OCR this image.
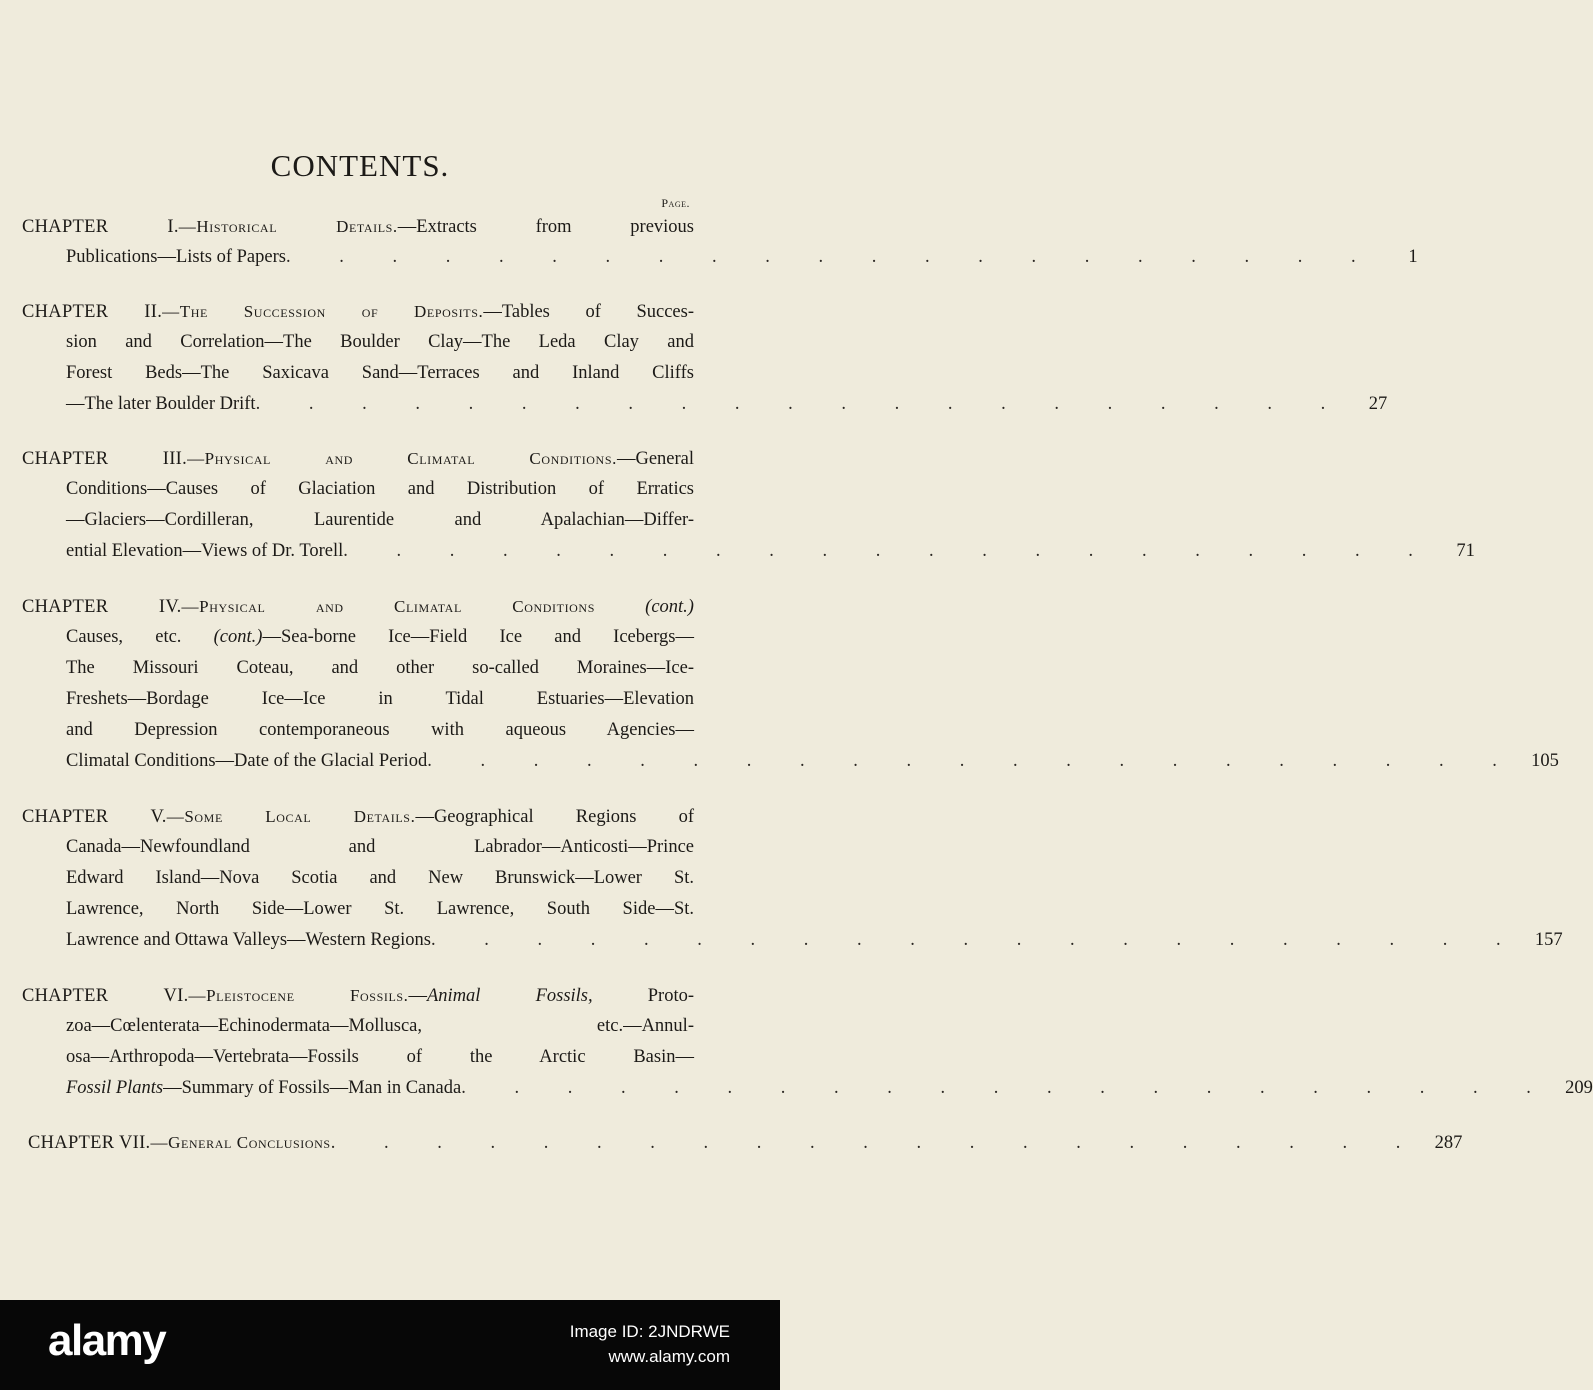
CONTENTS.
Page.
CHAPTER I.—Historical Details.—Extracts from previous
Publications—Lists of Papers . . . . . . . . . . . . . . . . . . . . .	1
CHAPTER II.—The Succession of Deposits.—Tables of Succes-
sion and Correlation—The Boulder Clay—The Leda Clay and
Forest Beds—The Saxicava Sand—Terraces and Inland Cliffs
—The later Boulder Drift . . . . . . . . . . . . . . . . . . . . .	27
CHAPTER III.—Physical and Climatal Conditions.—General
Conditions—Causes of Glaciation and Distribution of Erratics
—Glaciers—Cordilleran, Laurentide and Apalachian—Differ-
ential Elevation—Views of Dr. Torell . . . . . . . . . . . . . . . . . . . . .	71
CHAPTER IV.—Physical and Climatal Conditions	(cont.)
Causes, etc. (cont.)—Sea-borne Ice—Field Ice and Icebergs—
The Missouri Coteau, and other so-called Moraines—Ice-
Freshets—Bordage Ice—Ice in Tidal Estuaries—Elevation
and Depression contemporaneous with aqueous Agencies—
Climatal Conditions—Date of the Glacial Period . . . . . . . . . . . . . . . . . . . . . 105
CHAPTER V.—Some Local Details.—Geographical Regions of
Canada—Newfoundland and Labrador—Anticosti—Prince
Edward Island—Nova Scotia and New Brunswick—Lower St.
Lawrence, North Side—Lower St. Lawrence, South Side—St.
Lawrence and Ottawa Valleys—Western Regions . . . . . . . . . . . . . . . . . . . . . 157
CHAPTER VI.—Pleistocene Fossils.—Animal Fossils, Proto-
zoa—Cœlenterata—Echinodermata—Mollusca, etc.—Annul-
osa—Arthropoda—Vertebrata—Fossils of the Arctic Basin—
Fossil Plants—Summary of Fossils—Man in Canada . . . . . . . . . . . . . . . . . . . . . 209
CHAPTER VII.—General Conclusions . . . . . . . . . . . . . . . . . . . . . 287
alamy	Image ID: 2JNDRWE
www.alamy.com
